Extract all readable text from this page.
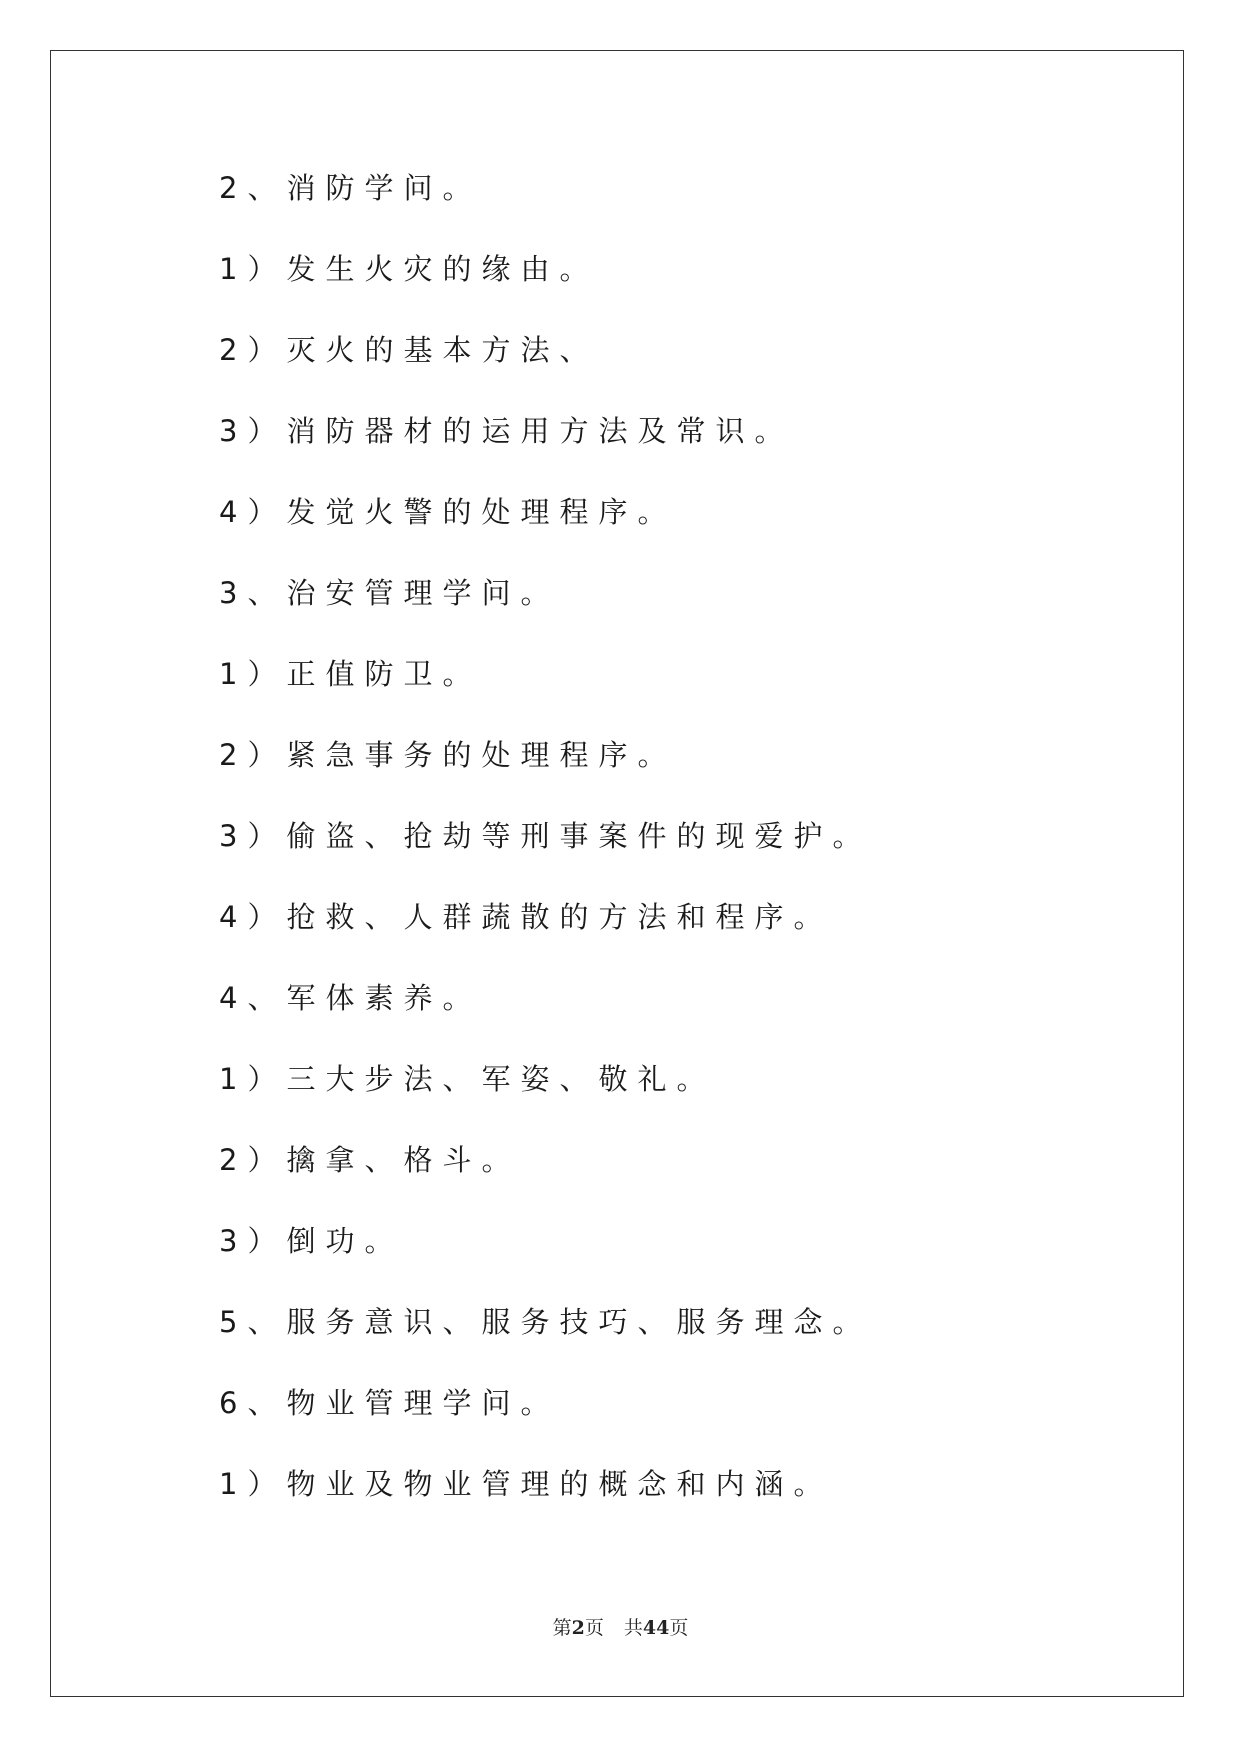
2、消防学问。
1）发生火灾的缘由。
2）灭火的基本方法、
3）消防器材的运用方法及常识。
4）发觉火警的处理程序。
3、治安管理学问。
1）正值防卫。
2）紧急事务的处理程序。
3）偷盗、抢劫等刑事案件的现爱护。
4）抢救、人群蔬散的方法和程序。
4、军体素养。
1）三大步法、军姿、敬礼。
2）擒拿、格斗。
3）倒功。
5、服务意识、服务技巧、服务理念。
6、物业管理学问。
1）物业及物业管理的概念和内涵。
第2页 共44页
